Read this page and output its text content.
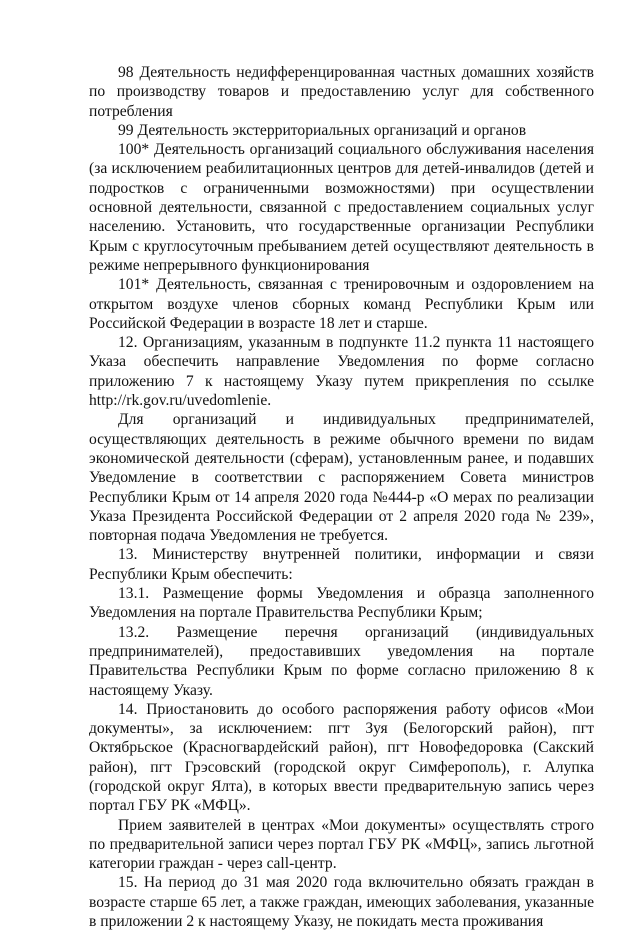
98 Деятельность недифференцированная частных домашних хозяйств по производству товаров и предоставлению услуг для собственного потребления

99 Деятельность экстерриториальных организаций и органов

100* Деятельность организаций социального обслуживания населения (за исключением реабилитационных центров для детей-инвалидов (детей и подростков с ограниченными возможностями) при осуществлении основной деятельности, связанной с предоставлением социальных услуг населению. Установить, что государственные организации Республики Крым с круглосуточным пребыванием детей осуществляют деятельность в режиме непрерывного функционирования

101* Деятельность, связанная с тренировочным и оздоровлением на открытом воздухе членов сборных команд Республики Крым или Российской Федерации в возрасте 18 лет и старше.

12. Организациям, указанным в подпункте 11.2 пункта 11 настоящего Указа обеспечить направление Уведомления по форме согласно приложению 7 к настоящему Указу путем прикрепления по ссылке http://rk.gov.ru/uvedomlenie.

Для организаций и индивидуальных предпринимателей, осуществляющих деятельность в режиме обычного времени по видам экономической деятельности (сферам), установленным ранее, и подавших Уведомление в соответствии с распоряжением Совета министров Республики Крым от 14 апреля 2020 года №444-р «О мерах по реализации Указа Президента Российской Федерации от 2 апреля 2020 года № 239», повторная подача Уведомления не требуется.

13. Министерству внутренней политики, информации и связи Республики Крым обеспечить:

13.1. Размещение формы Уведомления и образца заполненного Уведомления на портале Правительства Республики Крым;

13.2. Размещение перечня организаций (индивидуальных предпринимателей), предоставивших уведомления на портале Правительства Республики Крым по форме согласно приложению 8 к настоящему Указу.

14. Приостановить до особого распоряжения работу офисов «Мои документы», за исключением: пгт Зуя (Белогорский район), пгт Октябрьское (Красногвардейский район), пгт Новофедоровка (Сакский район), пгт Грэсовский (городской округ Симферополь), г. Алупка (городской округ Ялта), в которых ввести предварительную запись через портал ГБУ РК «МФЦ».

Прием заявителей в центрах «Мои документы» осуществлять строго по предварительной записи через портал ГБУ РК «МФЦ», запись льготной категории граждан - через call-центр.

15. На период до 31 мая 2020 года включительно обязать граждан в возрасте старше 65 лет, а также граждан, имеющих заболевания, указанные в приложении 2 к настоящему Указу, не покидать места проживания
